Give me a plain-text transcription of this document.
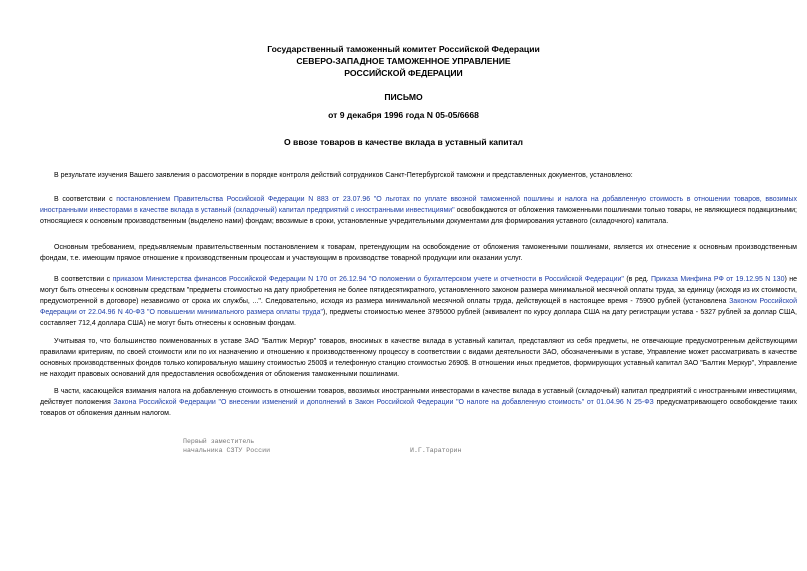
Государственный таможенный комитет Российской Федерации
СЕВЕРО-ЗАПАДНОЕ ТАМОЖЕННОЕ УПРАВЛЕНИЕ
РОССИЙСКОЙ ФЕДЕРАЦИИ
ПИСЬМО
от 9 декабря 1996 года N 05-05/6668
О ввозе товаров в качестве вклада в уставный капитал
В результате изучения Вашего заявления о рассмотрении в порядке контроля действий сотрудников Санкт-Петербургской таможни и представленных документов, установлено:
В соответствии с постановлением Правительства Российской Федерации N 883 от 23.07.96 "О льготах по уплате ввозной таможенной пошлины и налога на добавленную стоимость в отношении товаров, ввозимых иностранными инвесторами в качестве вклада в уставный (складочный) капитал предприятий с иностранными инвестициями" освобождаются от обложения таможенными пошлинами только товары, не являющиеся подакцизными; относящиеся к основным производственным (выделено нами) фондам; ввозимые в сроки, установленные учредительными документами для формирования уставного (складочного) капитала.
Основным требованием, предъявляемым правительственным постановлением к товарам, претендующим на освобождение от обложения таможенными пошлинами, является их отнесение к основным производственным фондам, т.е. имеющим прямое отношение к производственным процессам и участвующим в производстве товарной продукции или оказании услуг.
В соответствии с приказом Министерства финансов Российской Федерации N 170 от 26.12.94 "О положении о бухгалтерском учете и отчетности в Российской Федерации" (в ред. Приказа Минфина РФ от 19.12.95 N 130) не могут быть отнесены к основным средствам "предметы стоимостью на дату приобретения не более пятидесятикратного, установленного законом размера минимальной месячной оплаты труда, за единицу (исходя из их стоимости, предусмотренной в договоре) независимо от срока их службы, ...". Следовательно, исходя из размера минимальной месячной оплаты труда, действующей в настоящее время - 75900 рублей (установлена Законом Российской Федерации от 22.04.96 N 40-ФЗ "О повышении минимального размера оплаты труда"), предметы стоимостью менее 3795000 рублей (эквивалент по курсу доллара США на дату регистрации устава - 5327 рублей за доллар США, составляет 712,4 доллара США) не могут быть отнесены к основным фондам.
Учитывая то, что большинство поименованных в уставе ЗАО "Балтик Меркур" товаров, вносимых в качестве вклада в уставный капитал, представляют из себя предметы, не отвечающие предусмотренным действующими правилами критериям, по своей стоимости или по их назначению и отношению к производственному процессу в соответствии с видами деятельности ЗАО, обозначенными в уставе, Управление может рассматривать в качестве основных производственных фондов только копировальную машину стоимостью 2500$ и телефонную станцию стоимостью 2690$. В отношении иных предметов, формирующих уставный капитал ЗАО "Балтик Меркур", Управление не находит правовых оснований для предоставления освобождения от обложения таможенными пошлинами.
В части, касающейся взимания налога на добавленную стоимость в отношении товаров, ввозимых иностранными инвесторами в качестве вклада в уставный (складочный) капитал предприятий с иностранными инвестициями, действует положения Закона Российской Федерации "О внесении изменений и дополнений в Закон Российской Федерации "О налоге на добавленную стоимость" от 01.04.96 N 25-ФЗ предусматривающего освобождение таких товаров от обложения данным налогом.
Первый заместитель
начальника СЗТУ России	И.Г.Тараторин
